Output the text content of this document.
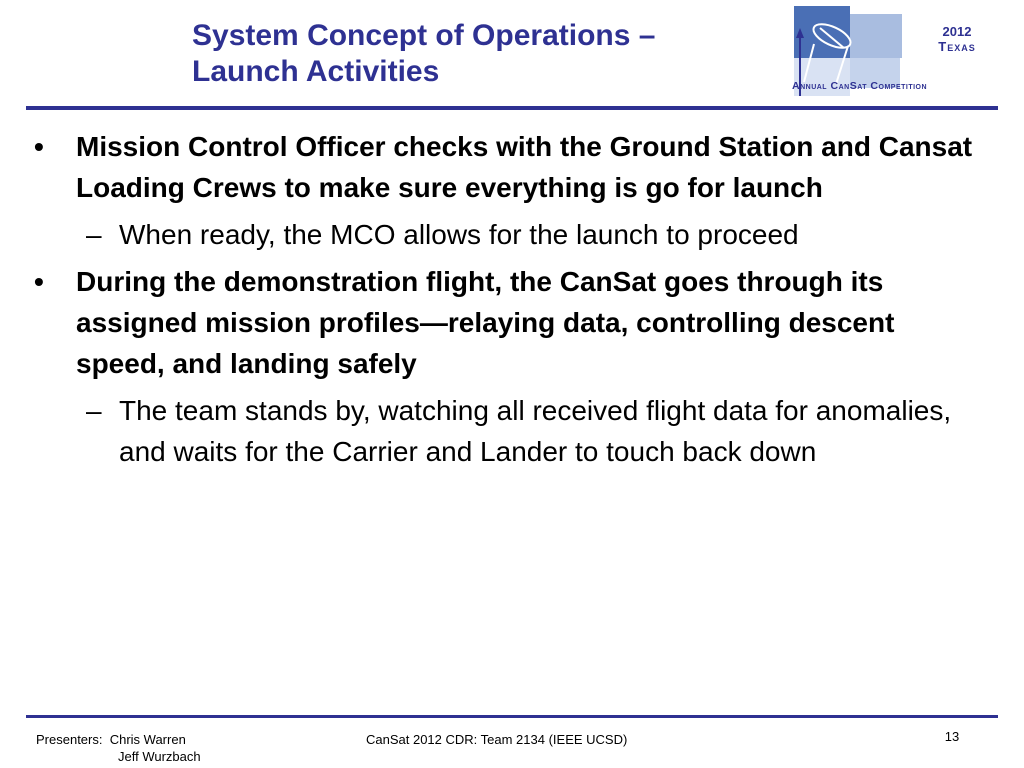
System Concept of Operations –
Launch Activities
2012
Texas
Annual CanSat Competition
• Mission Control Officer checks with the Ground Station and Cansat Loading Crews to make sure everything is go for launch
– When ready, the MCO allows for the launch to proceed
• During the demonstration flight, the CanSat goes through its assigned mission profiles—relaying data, controlling descent speed, and landing safely
– The team stands by, watching all received flight data for anomalies, and waits for the Carrier and Lander to touch back down
Presenters: Chris Warren
Jeff Wurzbach
CanSat 2012 CDR: Team 2134 (IEEE UCSD)	13
